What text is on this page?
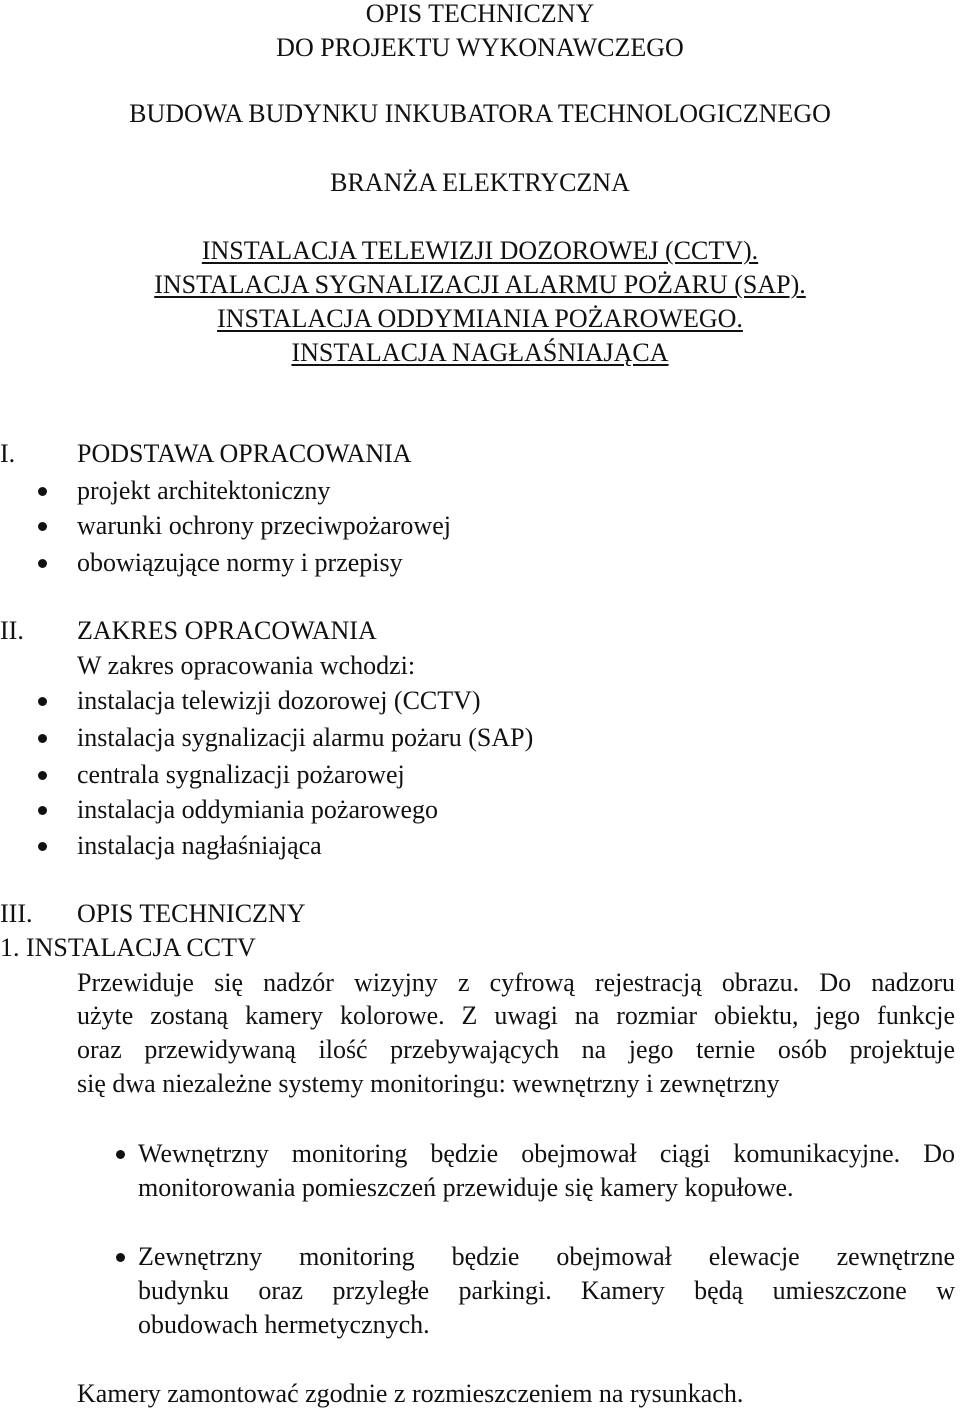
OPIS TECHNICZNY
DO PROJEKTU WYKONAWCZEGO
BUDOWA BUDYNKU INKUBATORA TECHNOLOGICZNEGO
BRANŻA ELEKTRYCZNA
INSTALACJA TELEWIZJI DOZOROWEJ (CCTV).
INSTALACJA SYGNALIZACJI ALARMU POŻARU (SAP).
INSTALACJA ODDYMIANIA POŻAROWEGO.
INSTALACJA NAGŁAŚNIAJĄCA
I. PODSTAWA OPRACOWANIA
projekt architektoniczny
warunki ochrony przeciwpożarowej
obowiązujące normy i przepisy
II. ZAKRES OPRACOWANIA
W zakres opracowania wchodzi:
instalacja telewizji dozorowej (CCTV)
instalacja sygnalizacji alarmu pożaru (SAP)
centrala sygnalizacji pożarowej
instalacja oddymiania pożarowego
instalacja nagłaśniająca
III. OPIS TECHNICZNY
1. INSTALACJA CCTV
Przewiduje się nadzór wizyjny z cyfrową rejestracją obrazu. Do nadzoru
użyte zostaną kamery kolorowe. Z uwagi na rozmiar obiektu, jego funkcje
oraz przewidywaną ilość przebywających na jego ternie osób projektuje
się dwa niezależne systemy monitoringu: wewnętrzny i zewnętrzny
Wewnętrzny monitoring będzie obejmował ciągi komunikacyjne. Do
monitorowania pomieszczeń przewiduje się kamery kopułowe.
Zewnętrzny monitoring będzie obejmował elewacje zewnętrzne
budynku oraz przyległe parkingi. Kamery będą umieszczone w
obudowach hermetycznych.
Kamery zamontować zgodnie z rozmieszczeniem na rysunkach.
